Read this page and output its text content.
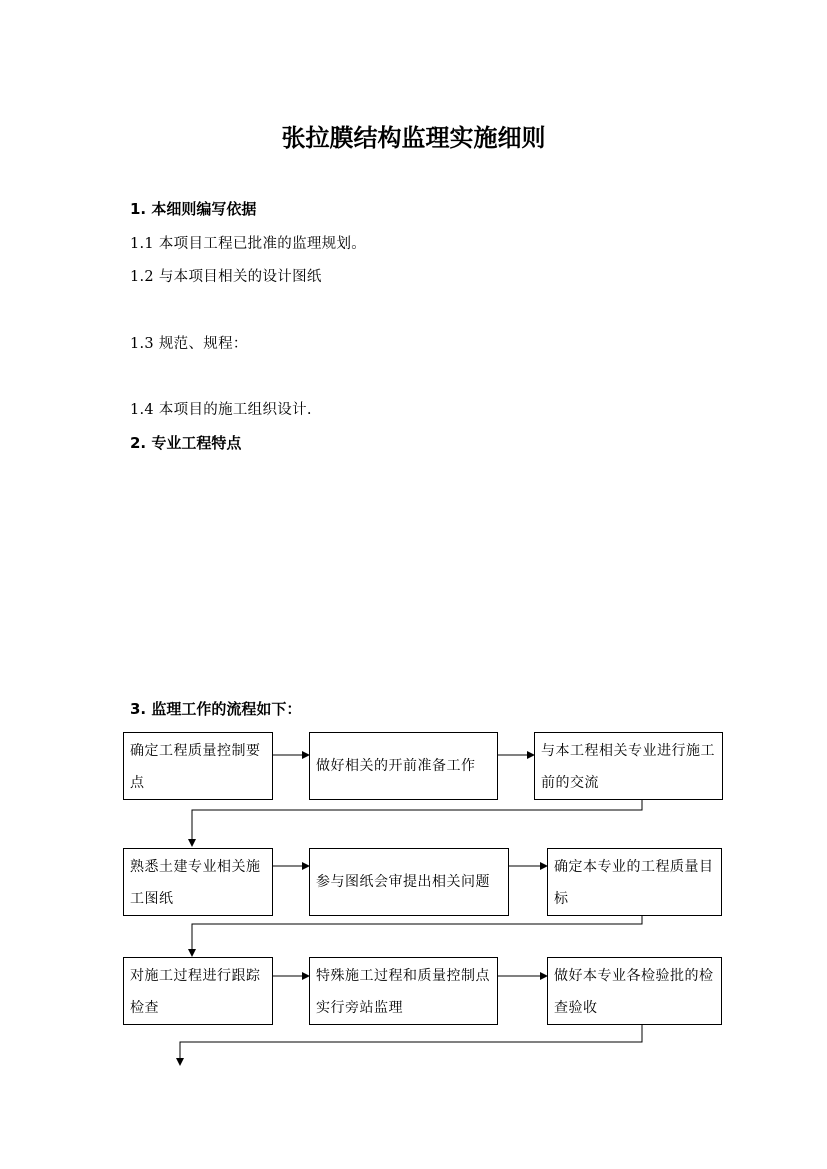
张拉膜结构监理实施细则
1. 本细则编写依据
1.1 本项目工程已批准的监理规划。
1.2 与本项目相关的设计图纸
1.3 规范、规程：
1.4 本项目的施工组织设计.
2. 专业工程特点
3. 监理工作的流程如下：
确定工程质量控制要点
做好相关的开前准备工作
与本工程相关专业进行施工前的交流
熟悉土建专业相关施工图纸
参与图纸会审提出相关问题
确定本专业的工程质量目标
对施工过程进行跟踪检查
特殊施工过程和质量控制点实行旁站监理
做好本专业各检验批的检查验收
